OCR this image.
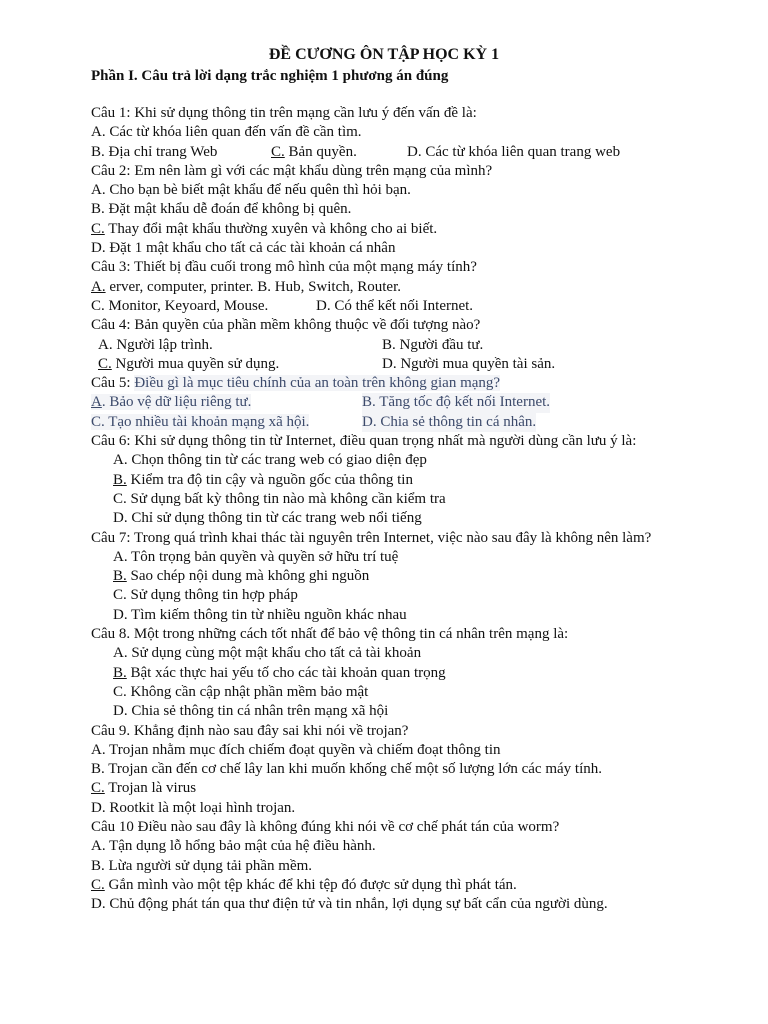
ĐỀ CƯƠNG ÔN TẬP HỌC KỲ 1
Phần I. Câu trả lời dạng trắc nghiệm 1 phương án đúng
Câu 1: Khi sử dụng thông tin trên mạng cần lưu ý đến vấn đề là:
A. Các từ khóa liên quan đến vấn đề cần tìm.
B. Địa chỉ trang Web	C. Bản quyền.	D. Các từ khóa liên quan trang web
Câu 2: Em nên làm gì với các mật khẩu dùng trên mạng của mình?
A. Cho bạn bè biết mật khẩu để nếu quên thì hỏi bạn.
B. Đặt mật khẩu dễ đoán để không bị quên.
C. Thay đổi mật khẩu thường xuyên và không cho ai biết.
D. Đặt 1 mật khẩu cho tất cả các tài khoản cá nhân
Câu 3: Thiết bị đầu cuối trong mô hình của một mạng máy tính?
A. erver, computer, printer. B. Hub, Switch, Router.
C. Monitor, Keyoard, Mouse.	D. Có thể kết nối Internet.
Câu 4: Bản quyền của phần mềm không thuộc về đối tượng nào?
A. Người lập trình.	B. Người đầu tư.
C. Người mua quyền sử dụng.	D. Người mua quyền tài sản.
Câu 5: Điều gì là mục tiêu chính của an toàn trên không gian mạng?
A. Bảo vệ dữ liệu riêng tư.	B. Tăng tốc độ kết nối Internet.
C. Tạo nhiều tài khoản mạng xã hội.	D. Chia sẻ thông tin cá nhân.
Câu 6: Khi sử dụng thông tin từ Internet, điều quan trọng nhất mà người dùng cần lưu ý là:
A. Chọn thông tin từ các trang web có giao diện đẹp
B. Kiểm tra độ tin cậy và nguồn gốc của thông tin
C. Sử dụng bất kỳ thông tin nào mà không cần kiểm tra
D. Chỉ sử dụng thông tin từ các trang web nổi tiếng
Câu 7: Trong quá trình khai thác tài nguyên trên Internet, việc nào sau đây là không nên làm?
A. Tôn trọng bản quyền và quyền sở hữu trí tuệ
B. Sao chép nội dung mà không ghi nguồn
C. Sử dụng thông tin hợp pháp
D. Tìm kiếm thông tin từ nhiều nguồn khác nhau
Câu 8. Một trong những cách tốt nhất để bảo vệ thông tin cá nhân trên mạng là:
A. Sử dụng cùng một mật khẩu cho tất cả tài khoản
B. Bật xác thực hai yếu tố cho các tài khoản quan trọng
C. Không cần cập nhật phần mềm bảo mật
D. Chia sẻ thông tin cá nhân trên mạng xã hội
Câu 9. Khẳng định nào sau đây sai khi nói về trojan?
A. Trojan nhằm mục đích chiếm đoạt quyền và chiếm đoạt thông tin
B. Trojan cần đến cơ chế lây lan khi muốn khống chế một số lượng lớn các máy tính.
C. Trojan là virus
D. Rootkit là một loại hình trojan.
Câu 10 Điều nào sau đây là không đúng khi nói về cơ chế phát tán của worm?
A. Tận dụng lỗ hổng bảo mật của hệ điều hành.
B. Lừa người sử dụng tải phần mềm.
C. Gắn mình vào một tệp khác để khi tệp đó được sử dụng thì phát tán.
D. Chủ động phát tán qua thư điện tử và tin nhắn, lợi dụng sự bất cẩn của người dùng.
